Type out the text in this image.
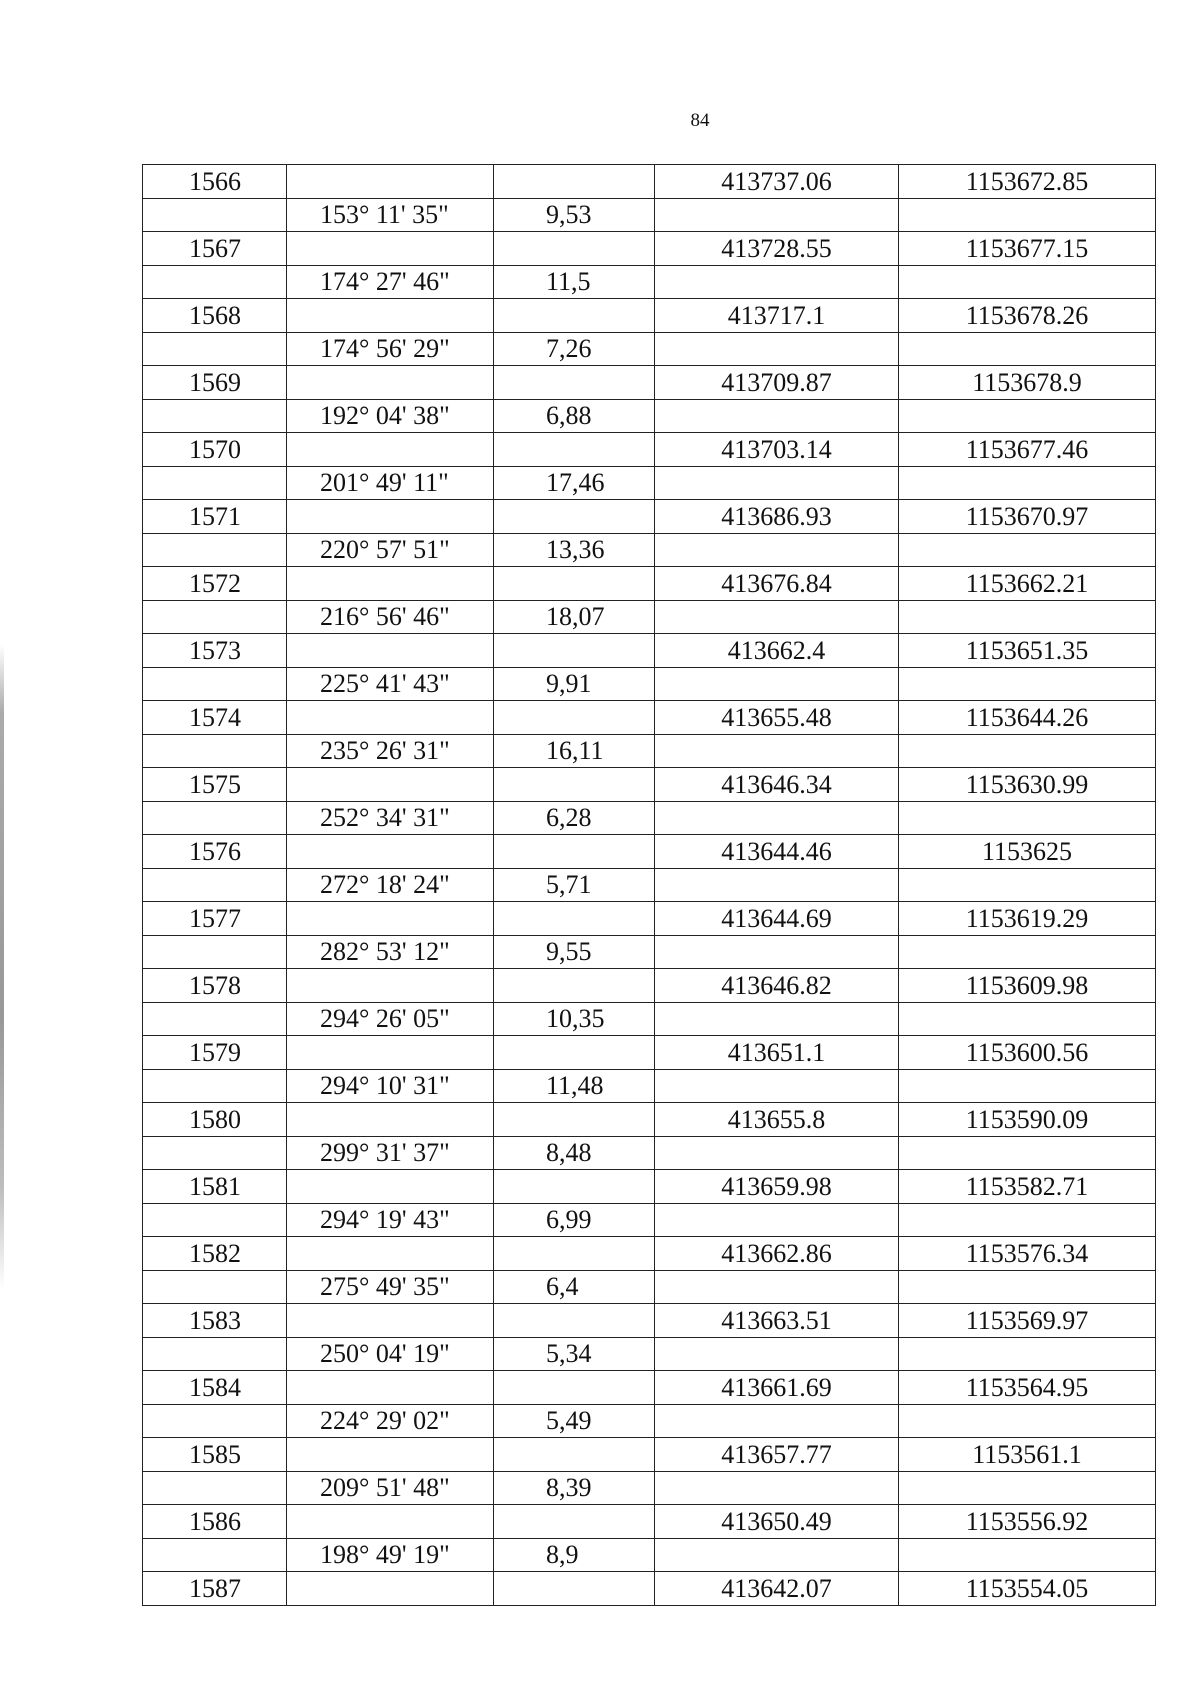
84
1566			413737.06	1153672.85
	153° 11' 35"	9,53		
1567			413728.55	1153677.15
	174° 27' 46"	11,5		
1568			413717.1	1153678.26
	174° 56' 29"	7,26		
1569			413709.87	1153678.9
	192° 04' 38"	6,88		
1570			413703.14	1153677.46
	201° 49' 11"	17,46		
1571			413686.93	1153670.97
	220° 57' 51"	13,36		
1572			413676.84	1153662.21
	216° 56' 46"	18,07		
1573			413662.4	1153651.35
	225° 41' 43"	9,91		
1574			413655.48	1153644.26
	235° 26' 31"	16,11		
1575			413646.34	1153630.99
	252° 34' 31"	6,28		
1576			413644.46	1153625
	272° 18' 24"	5,71		
1577			413644.69	1153619.29
	282° 53' 12"	9,55		
1578			413646.82	1153609.98
	294° 26' 05"	10,35		
1579			413651.1	1153600.56
	294° 10' 31"	11,48		
1580			413655.8	1153590.09
	299° 31' 37"	8,48		
1581			413659.98	1153582.71
	294° 19' 43"	6,99		
1582			413662.86	1153576.34
	275° 49' 35"	6,4		
1583			413663.51	1153569.97
	250° 04' 19"	5,34		
1584			413661.69	1153564.95
	224° 29' 02"	5,49		
1585			413657.77	1153561.1
	209° 51' 48"	8,39		
1586			413650.49	1153556.92
	198° 49' 19"	8,9		
1587			413642.07	1153554.05
